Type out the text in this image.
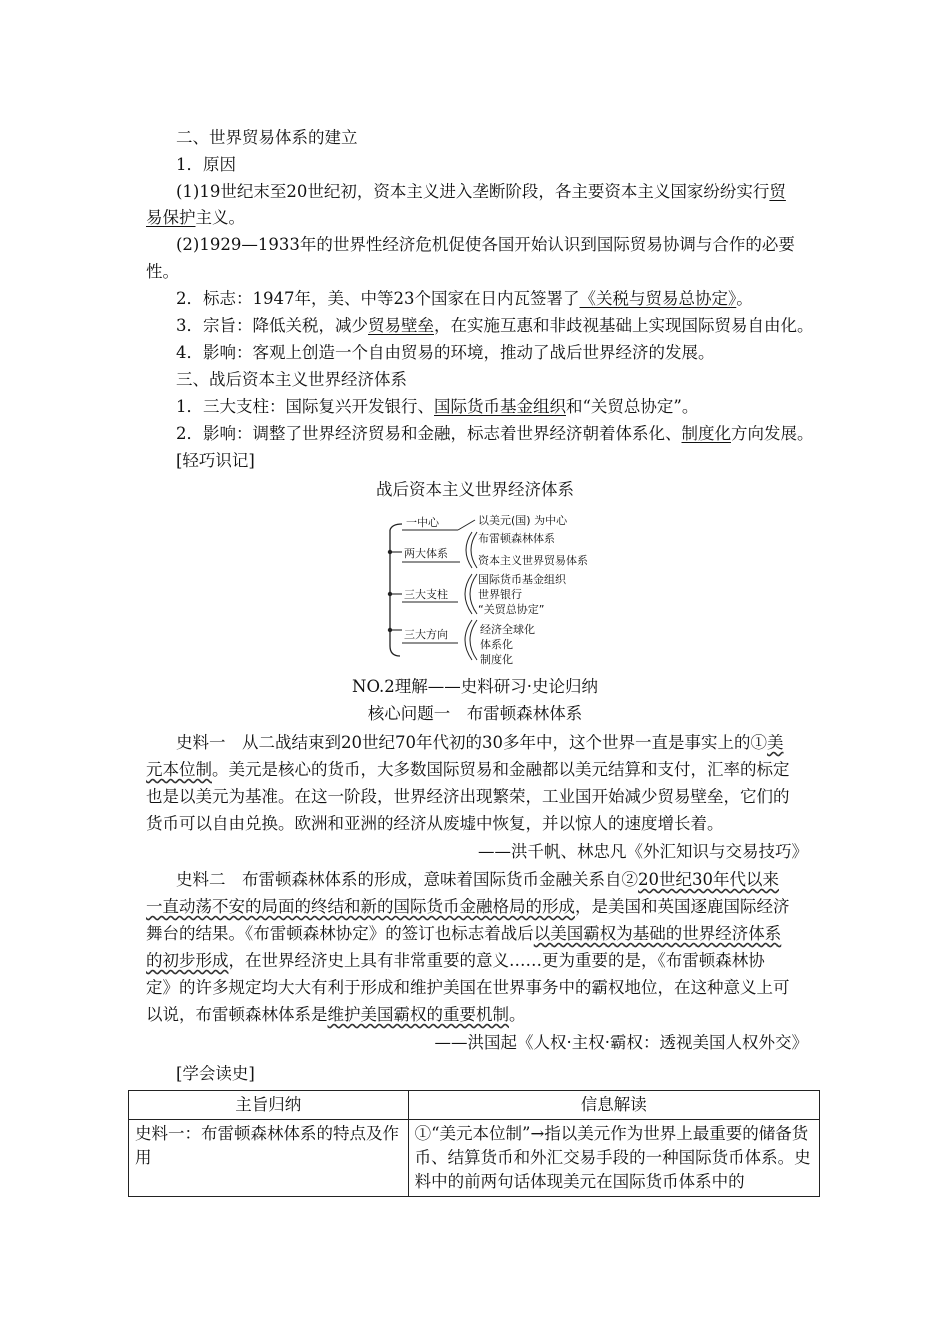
二、世界贸易体系的建立
1．原因
(1)19世纪末至20世纪初，资本主义进入垄断阶段，各主要资本主义国家纷纷实行贸
易保护主义。
(2)1929—1933年的世界性经济危机促使各国开始认识到国际贸易协调与合作的必要
性。
2．标志：1947年，美、中等23个国家在日内瓦签署了《关税与贸易总协定》。
3．宗旨：降低关税，减少贸易壁垒，在实施互惠和非歧视基础上实现国际贸易自由化。
4．影响：客观上创造一个自由贸易的环境，推动了战后世界经济的发展。
三、战后资本主义世界经济体系
1．三大支柱：国际复兴开发银行、国际货币基金组织和“关贸总协定”。
2．影响：调整了世界经济贸易和金融，标志着世界经济朝着体系化、制度化方向发展。
[轻巧识记]
战后资本主义世界经济体系
一中心	以美元(国) 为中心
两大体系
布雷顿森林体系
资本主义世界贸易体系
三大支柱
国际货币基金组织
世界银行
“关贸总协定”
三大方向	经济全球化
体系化
制度化
NO.2理解——史料研习·史论归纳
核心问题一　布雷顿森林体系
史料一　从二战结束到20世纪70年代初的30多年中，这个世界一直是事实上的①美
元本位制。美元是核心的货币，大多数国际贸易和金融都以美元结算和支付，汇率的标定
也是以美元为基准。在这一阶段，世界经济出现繁荣，工业国开始减少贸易壁垒，它们的
货币可以自由兑换。欧洲和亚洲的经济从废墟中恢复，并以惊人的速度增长着。
——洪千帆、林忠凡《外汇知识与交易技巧》
史料二　布雷顿森林体系的形成，意味着国际货币金融关系自②20世纪30年代以来
一直动荡不安的局面的终结和新的国际货币金融格局的形成，是美国和英国逐鹿国际经济
舞台的结果。《布雷顿森林协定》的签订也标志着战后以美国霸权为基础的世界经济体系
的初步形成，在世界经济史上具有非常重要的意义……更为重要的是，《布雷顿森林协
定》的许多规定均大大有利于形成和维护美国在世界事务中的霸权地位，在这种意义上可
以说，布雷顿森林体系是维护美国霸权的重要机制。
——洪国起《人权·主权·霸权：透视美国人权外交》
[学会读史]
主旨归纳	信息解读
史料一：布雷顿森林体系的特点及作用	①“美元本位制”→指以美元作为世界上最重要的储备货币、结算货币和外汇交易手段的一种国际货币体系。史料中的前两句话体现美元在国际货币体系中的
